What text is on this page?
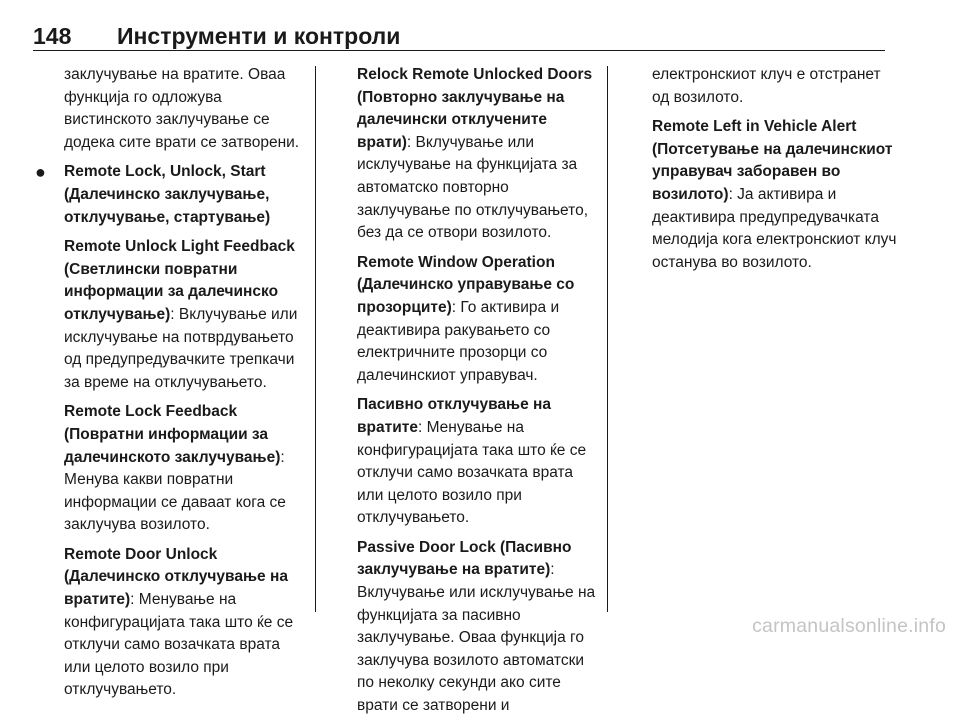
148 Инструменти и контроли

заклучување на вратите. Оваа функција го одложува вистинското заклучување се додека сите врати се затворени.

● Remote Lock, Unlock, Start (Далечинско заклучување, отклучување, стартување)

Remote Unlock Light Feedback (Светлински повратни информации за далечинско отклучување): Вклучување или исклучување на потврдувањето од предупредувачките трепкачи за време на отклучувањето.

Remote Lock Feedback (Повратни информации за далечинското заклучување): Менува какви повратни информации се даваат кога се заклучува возилото.

Remote Door Unlock (Далечинско отклучување на вратите): Менување на конфигурацијата така што ќе се отклучи само возачката врата или целото возило при отклучувањето.

Relock Remote Unlocked Doors (Повторно заклучување на далечински отклучените врати): Вклучување или исклучување на функцијата за автоматско повторно заклучување по отклучувањето, без да се отвори возилото.

Remote Window Operation (Далечинско управување со прозорците): Го активира и деактивира ракувањето со електричните прозорци со далечинскиот управувач.

Пасивно отклучување на вратите: Менување на конфигурацијата така што ќе се отклучи само возачката врата или целото возило при отклучувањето.

Passive Door Lock (Пасивно заклучување на вратите): Вклучување или исклучување на функцијата за пасивно заклучување. Оваа функција го заклучува возилото автоматски по неколку секунди ако сите врати се затворени и

електронскиот клуч е отстранет од возилото.

Remote Left in Vehicle Alert (Потсетување на далечинскиот управувач заборавен во возилото): Ја активира и деактивира предупредувачката мелодија кога електронскиот клуч останува во возилото.

carmanualsonline.info
